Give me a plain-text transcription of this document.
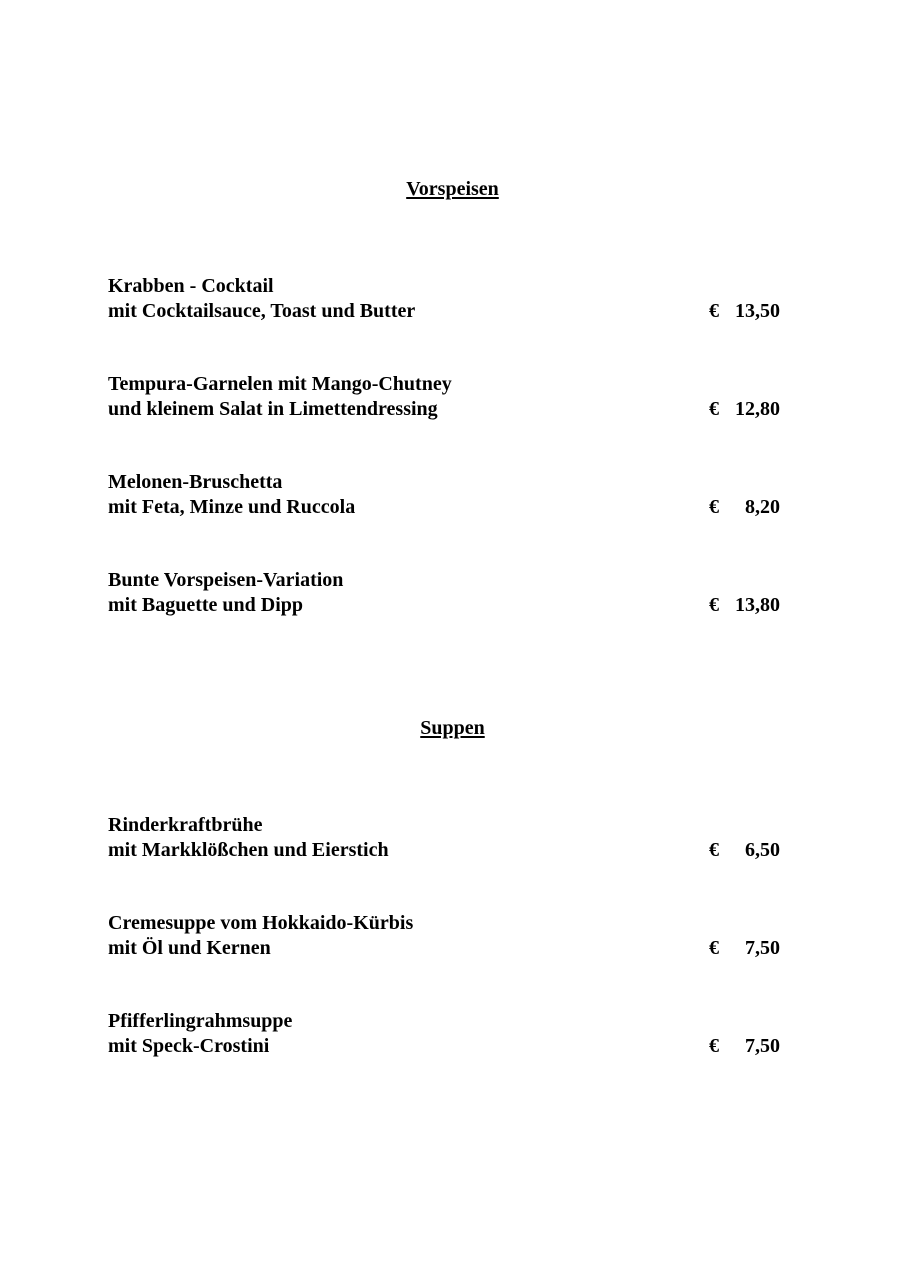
Vorspeisen
Krabben - Cocktail
mit Cocktailsauce, Toast und Butter	€ 13,50
Tempura-Garnelen mit Mango-Chutney
und kleinem Salat in Limettendressing	€ 12,80
Melonen-Bruschetta
mit Feta, Minze und Ruccola	€ 8,20
Bunte Vorspeisen-Variation
mit Baguette und Dipp	€ 13,80
Suppen
Rinderkraftbrühe
mit Markklößchen und Eierstich	€ 6,50
Cremesuppe vom Hokkaido-Kürbis
mit Öl und Kernen	€ 7,50
Pfifferlingrahmsuppe
mit Speck-Crostini	€ 7,50
